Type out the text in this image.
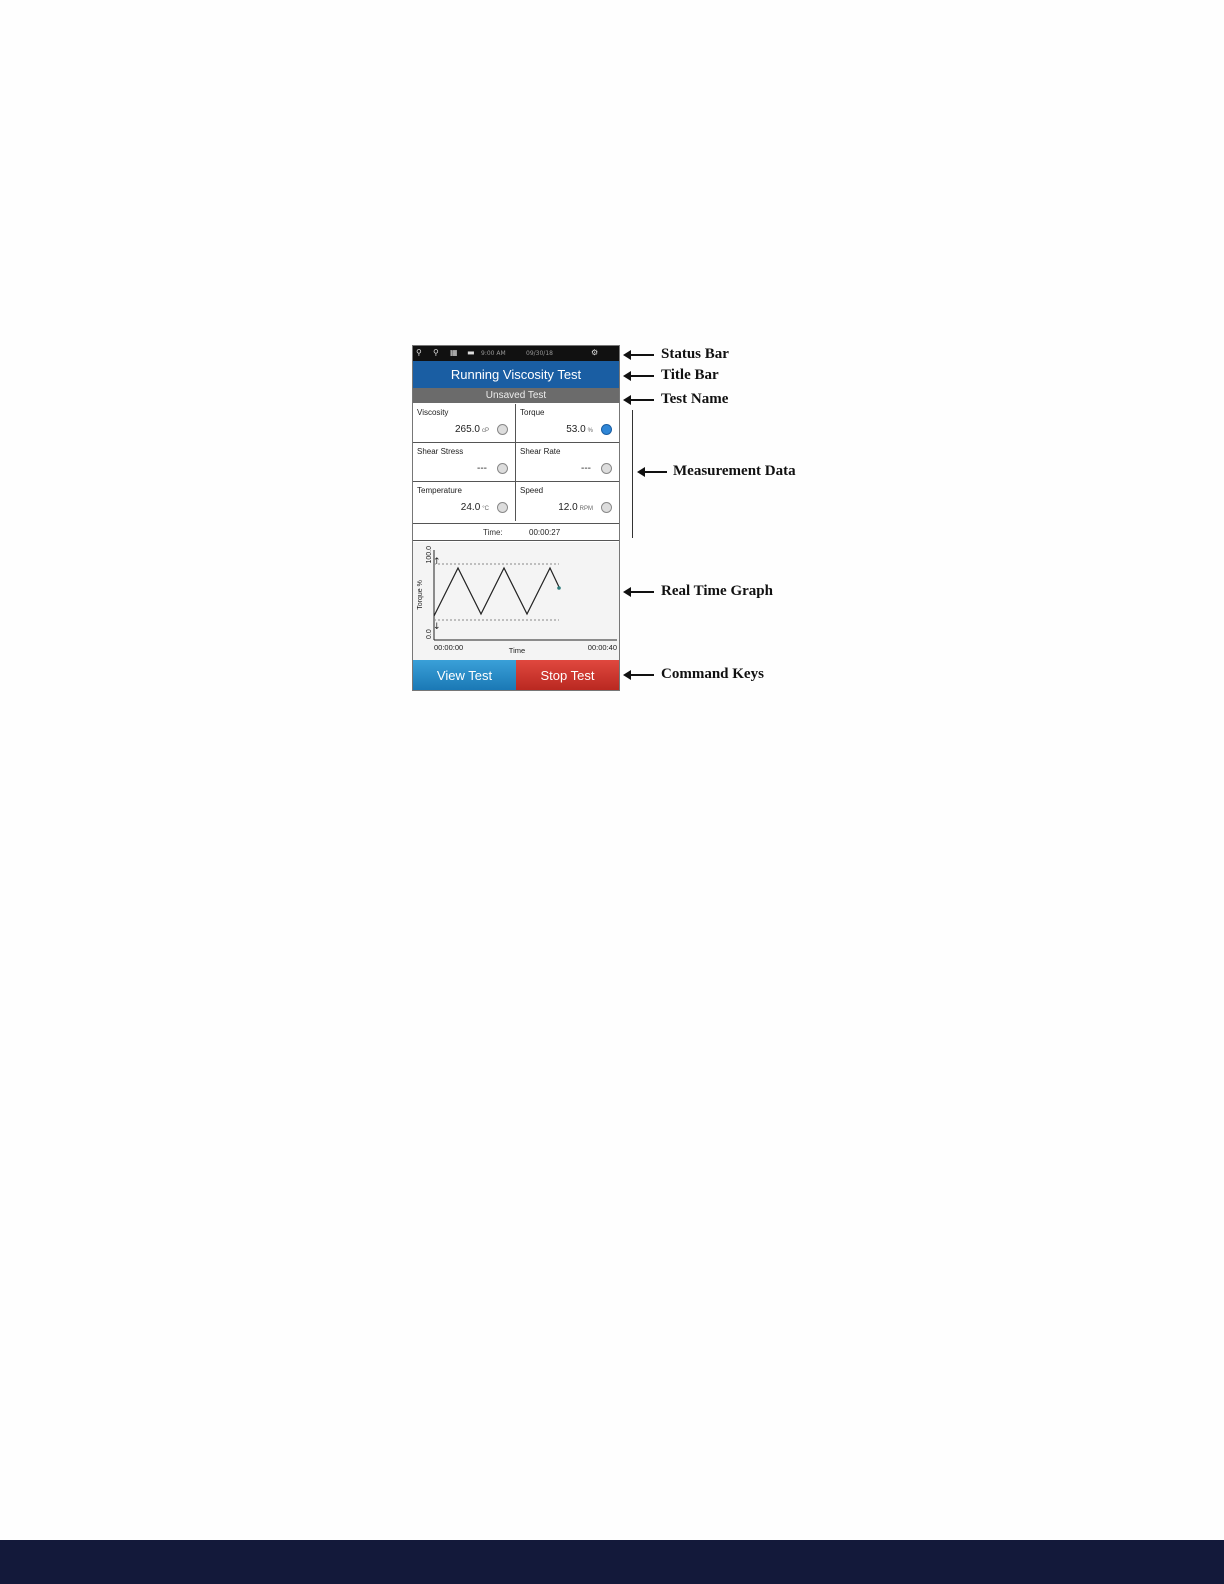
⚲ ⚲ ▦ ▬ 9:00 AM	09/30/18	⚙
Running Viscosity Test
Unsaved Test
Viscosity
265.0 cP
Torque
53.0 %
Shear Stress
---
Shear Rate
---
Temperature
24.0 °C
Speed
12.0 RPM
Time:	00:00:27
↑
↓
100.0
0.0
Torque %
00:00:00	Time	00:00:40
View Test	Stop Test
Status Bar
Title Bar
Test Name
Measurement Data
Real Time Graph
Command Keys
